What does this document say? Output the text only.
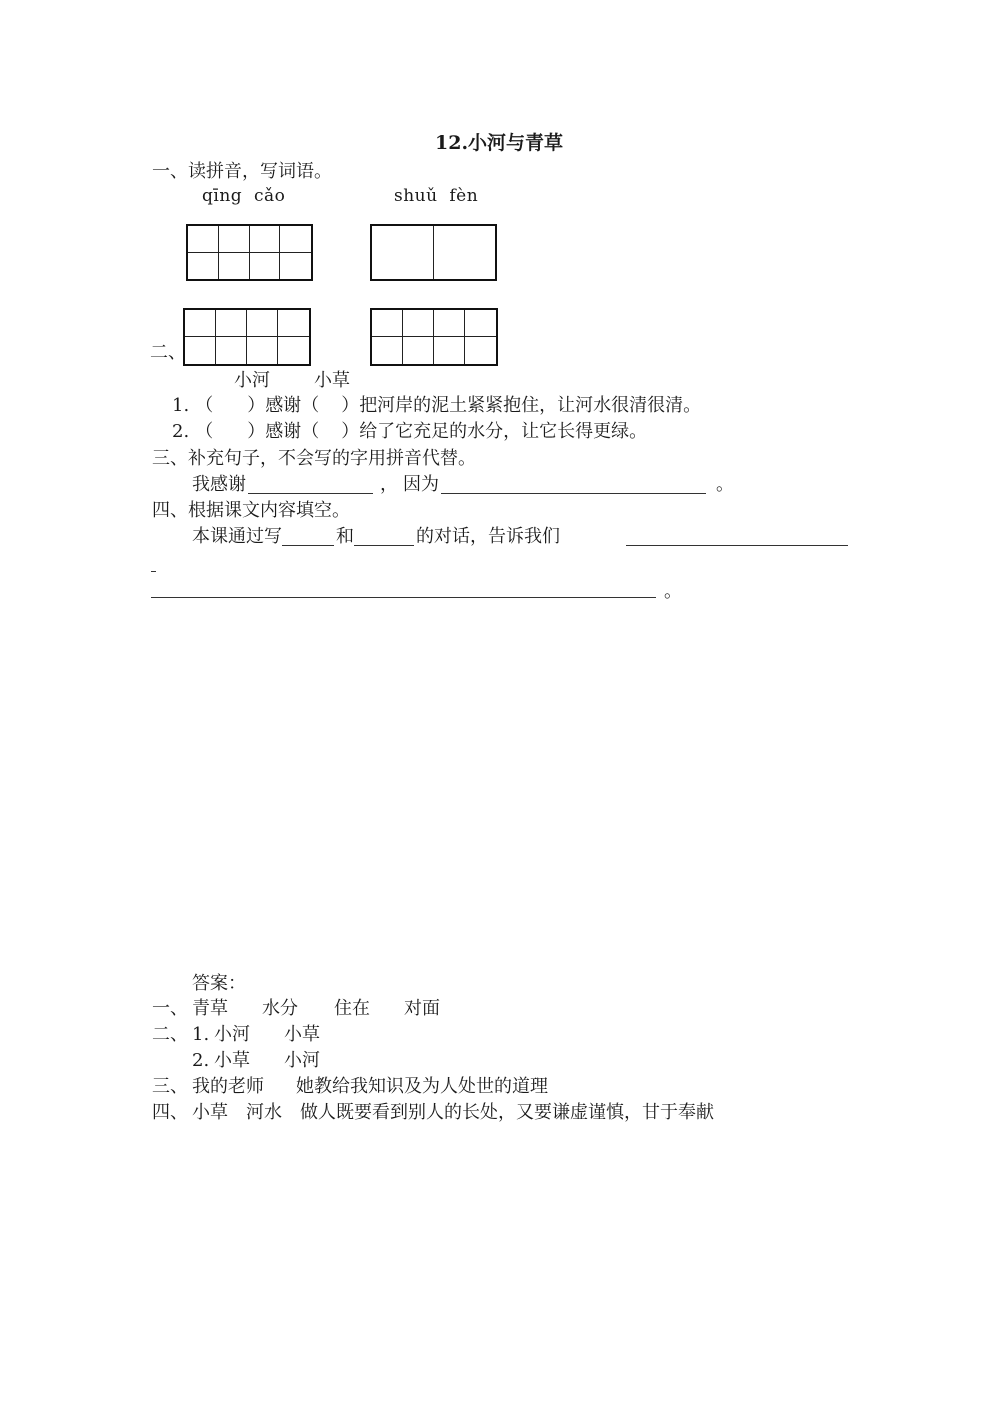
12.小河与青草
一、读拼音，写词语。
qīng  cǎo	shuǔ  fèn
二、
小河 小草
1. （ ） 感谢 （ ） 把河岸的泥土紧紧抱住，让河水很清很清。
2. （ ） 感谢 （ ） 给了它充足的水分，让它长得更绿。
三、补充句子，不会写的字用拼音代替。
我感谢	， 因为	。
四、根据课文内容填空。
本课通过写	和	的对话，告诉我们
。
答案：
一、 青草 水分 住在 对面
二、 1. 小河 小草
2. 小草 小河
三、 我的老师 她教给我知识及为人处世的道理
四、 小草 河水 做人既要看到别人的长处，又要谦虚谨慎，甘于奉献
